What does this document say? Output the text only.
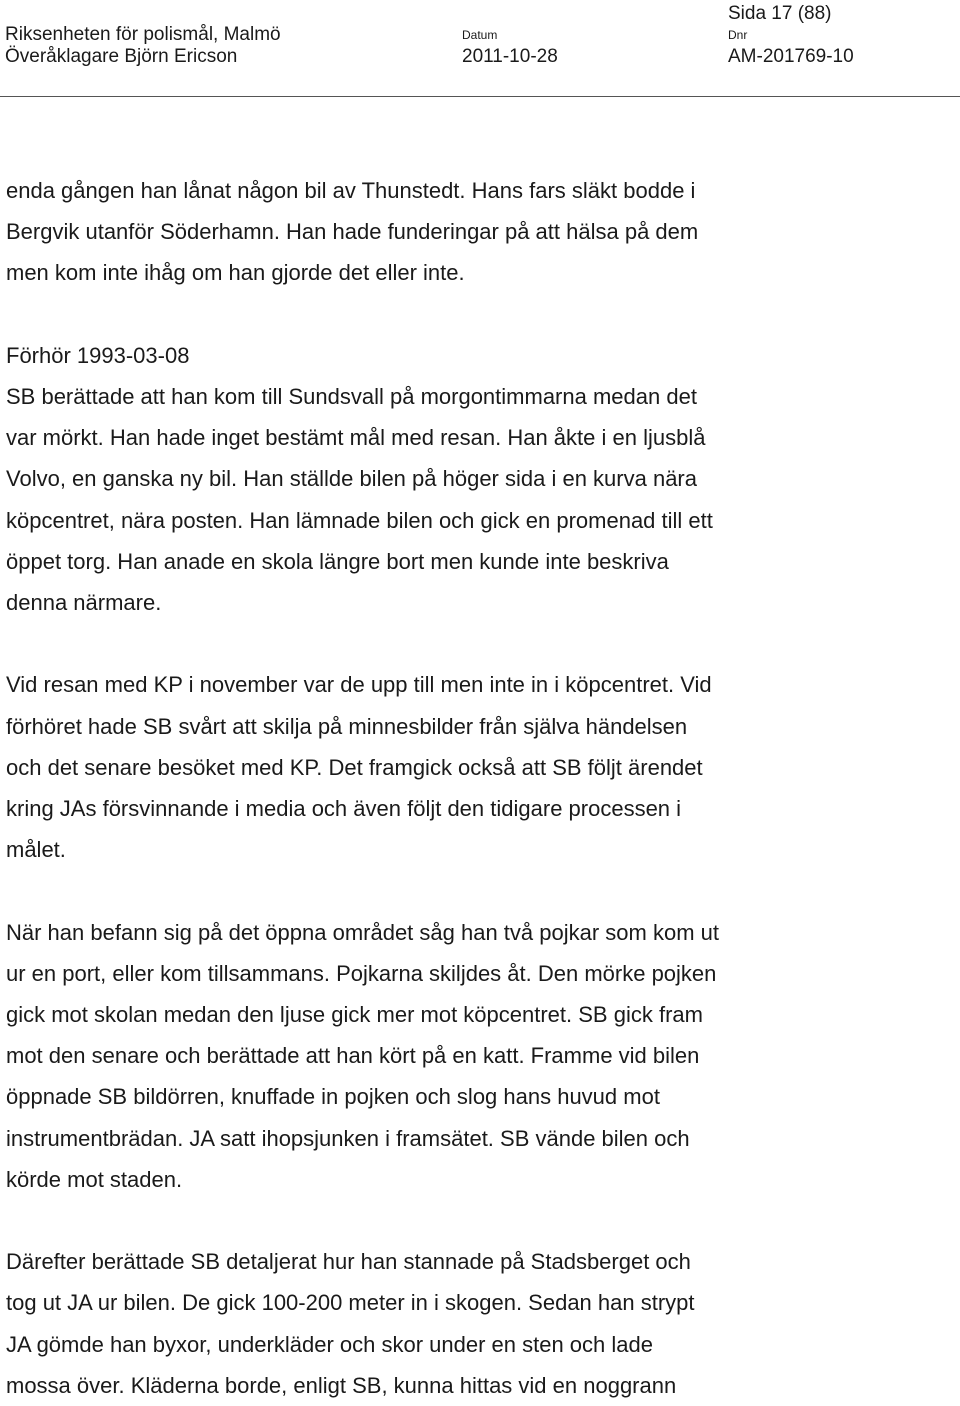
Sida 17 (88)
Riksenheten för polismål, Malmö
Överåklagare Björn Ericson
Datum
2011-10-28
Dnr
AM-201769-10

enda gången han lånat någon bil av Thunstedt. Hans fars släkt bodde i
Bergvik utanför Söderhamn. Han hade funderingar på att hälsa på dem
men kom inte ihåg om han gjorde det eller inte.

Förhör 1993-03-08

SB berättade att han kom till Sundsvall på morgontimmarna medan det
var mörkt. Han hade inget bestämt mål med resan. Han åkte i en ljusblå
Volvo, en ganska ny bil. Han ställde bilen på höger sida i en kurva nära
köpcentret, nära posten. Han lämnade bilen och gick en promenad till ett
öppet torg. Han anade en skola längre bort men kunde inte beskriva
denna närmare.

Vid resan med KP i november var de upp till men inte in i köpcentret. Vid
förhöret hade SB svårt att skilja på minnesbilder från själva händelsen
och det senare besöket med KP. Det framgick också att SB följt ärendet
kring JAs försvinnande i media och även följt den tidigare processen i
målet.

När han befann sig på det öppna området såg han två pojkar som kom ut
ur en port, eller kom tillsammans. Pojkarna skiljdes åt. Den mörke pojken
gick mot skolan medan den ljuse gick mer mot köpcentret. SB gick fram
mot den senare och berättade att han kört på en katt. Framme vid bilen
öppnade SB bildörren, knuffade in pojken och slog hans huvud mot
instrumentbrädan. JA satt ihopsjunken i framsätet. SB vände bilen och
körde mot staden.

Därefter berättade SB detaljerat hur han stannade på Stadsberget och
tog ut JA ur bilen. De gick 100-200 meter in i skogen. Sedan han strypt
JA gömde han byxor, underkläder och skor under en sten och lade
mossa över. Kläderna borde, enligt SB, kunna hittas vid en noggrann
